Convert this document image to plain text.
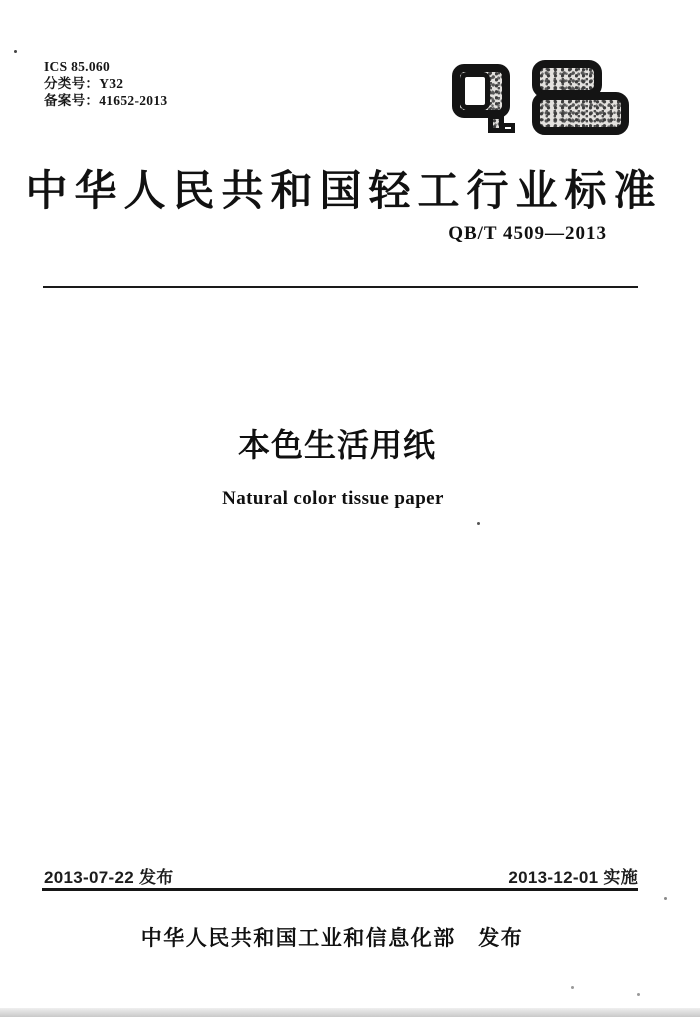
ICS 85.060
分类号：Y32
备案号：41652-2013
中华人民共和国轻工行业标准
QB/T 4509—2013
本色生活用纸
Natural color tissue paper
2013-07-22 发布	2013-12-01 实施
中华人民共和国工业和信息化部　发布
